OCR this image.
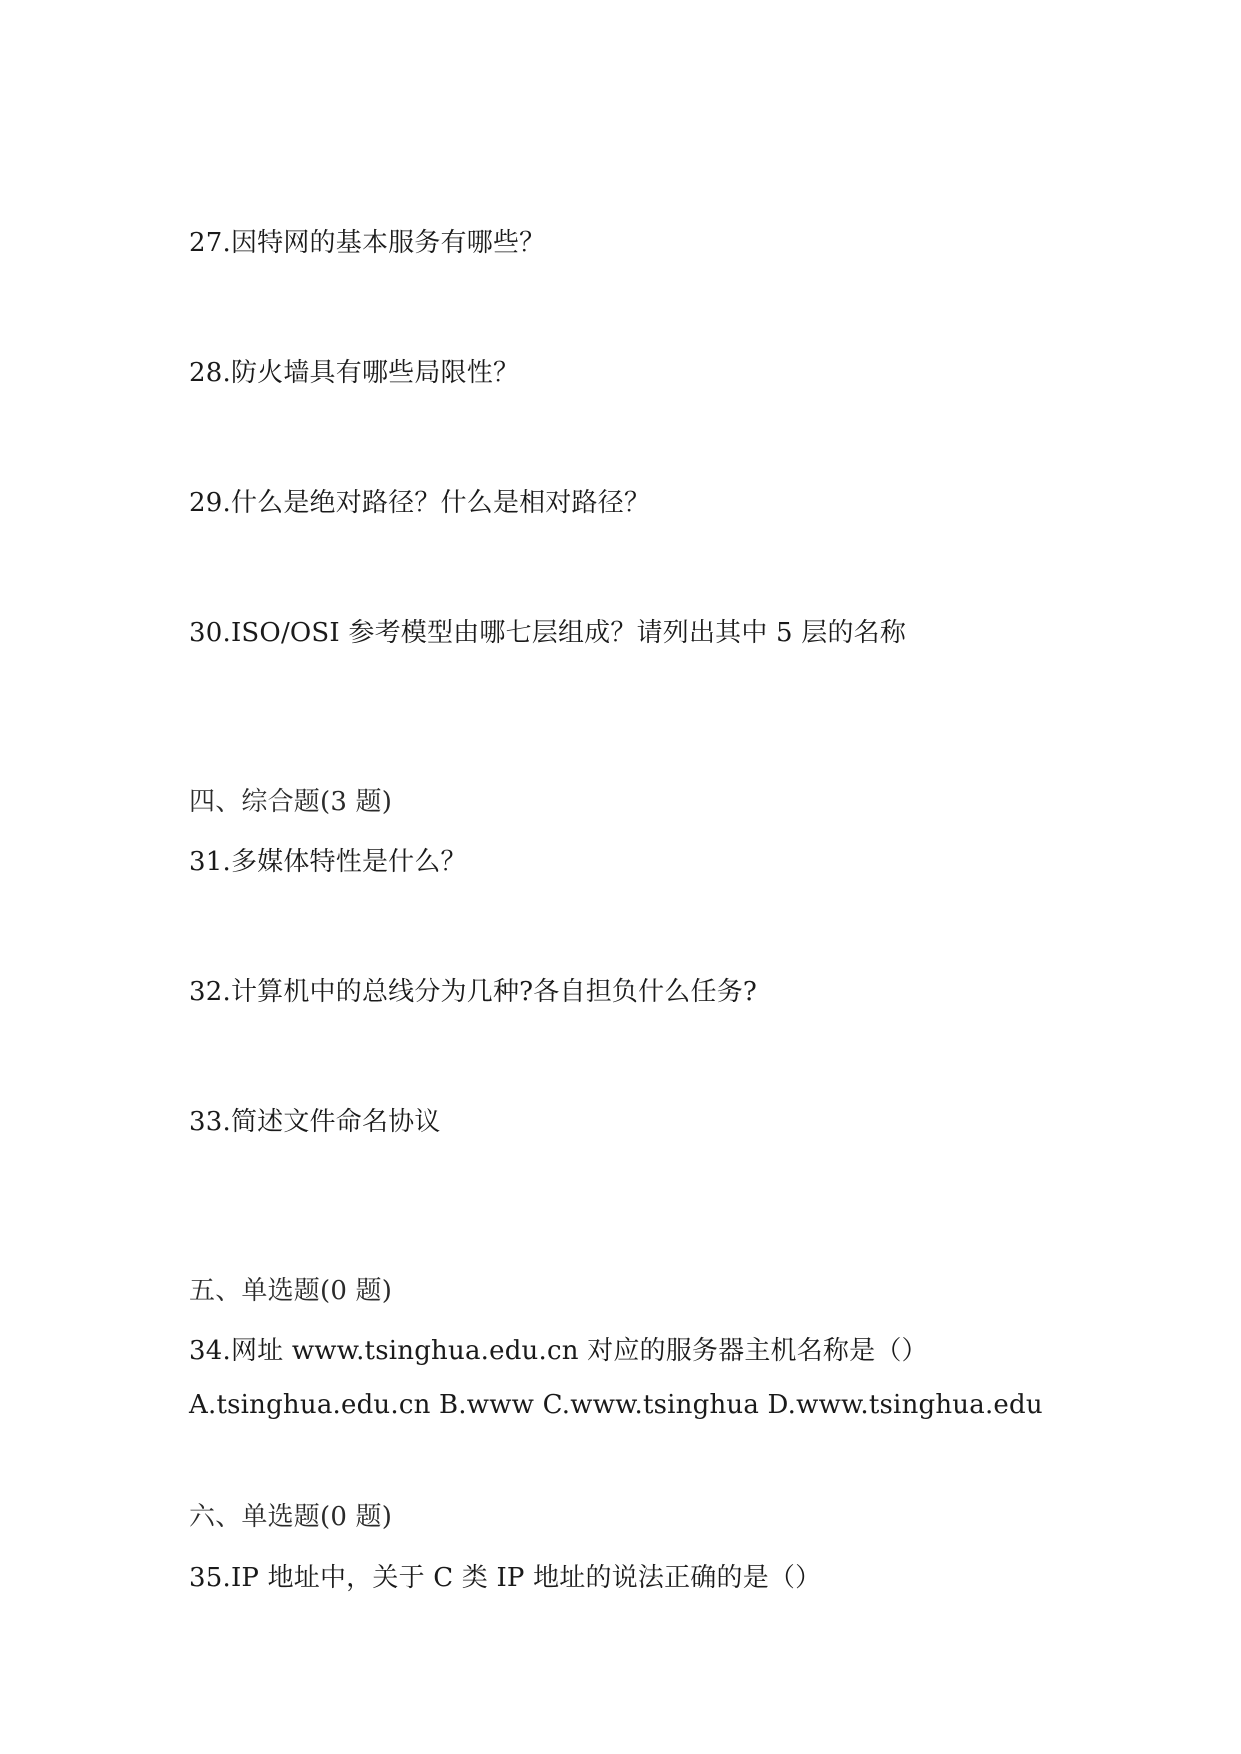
27.因特网的基本服务有哪些？
28.防火墙具有哪些局限性？
29.什么是绝对路径？什么是相对路径？
30.ISO/OSI 参考模型由哪七层组成？请列出其中 5 层的名称
四、综合题(3 题)
31.多媒体特性是什么？
32.计算机中的总线分为几种?各自担负什么任务?
33.简述文件命名协议
五、单选题(0 题)
34.网址 www.tsinghua.edu.cn 对应的服务器主机名称是（）
A.tsinghua.edu.cn B.www C.www.tsinghua D.www.tsinghua.edu
六、单选题(0 题)
35.IP 地址中，关于 C 类 IP 地址的说法正确的是（）
